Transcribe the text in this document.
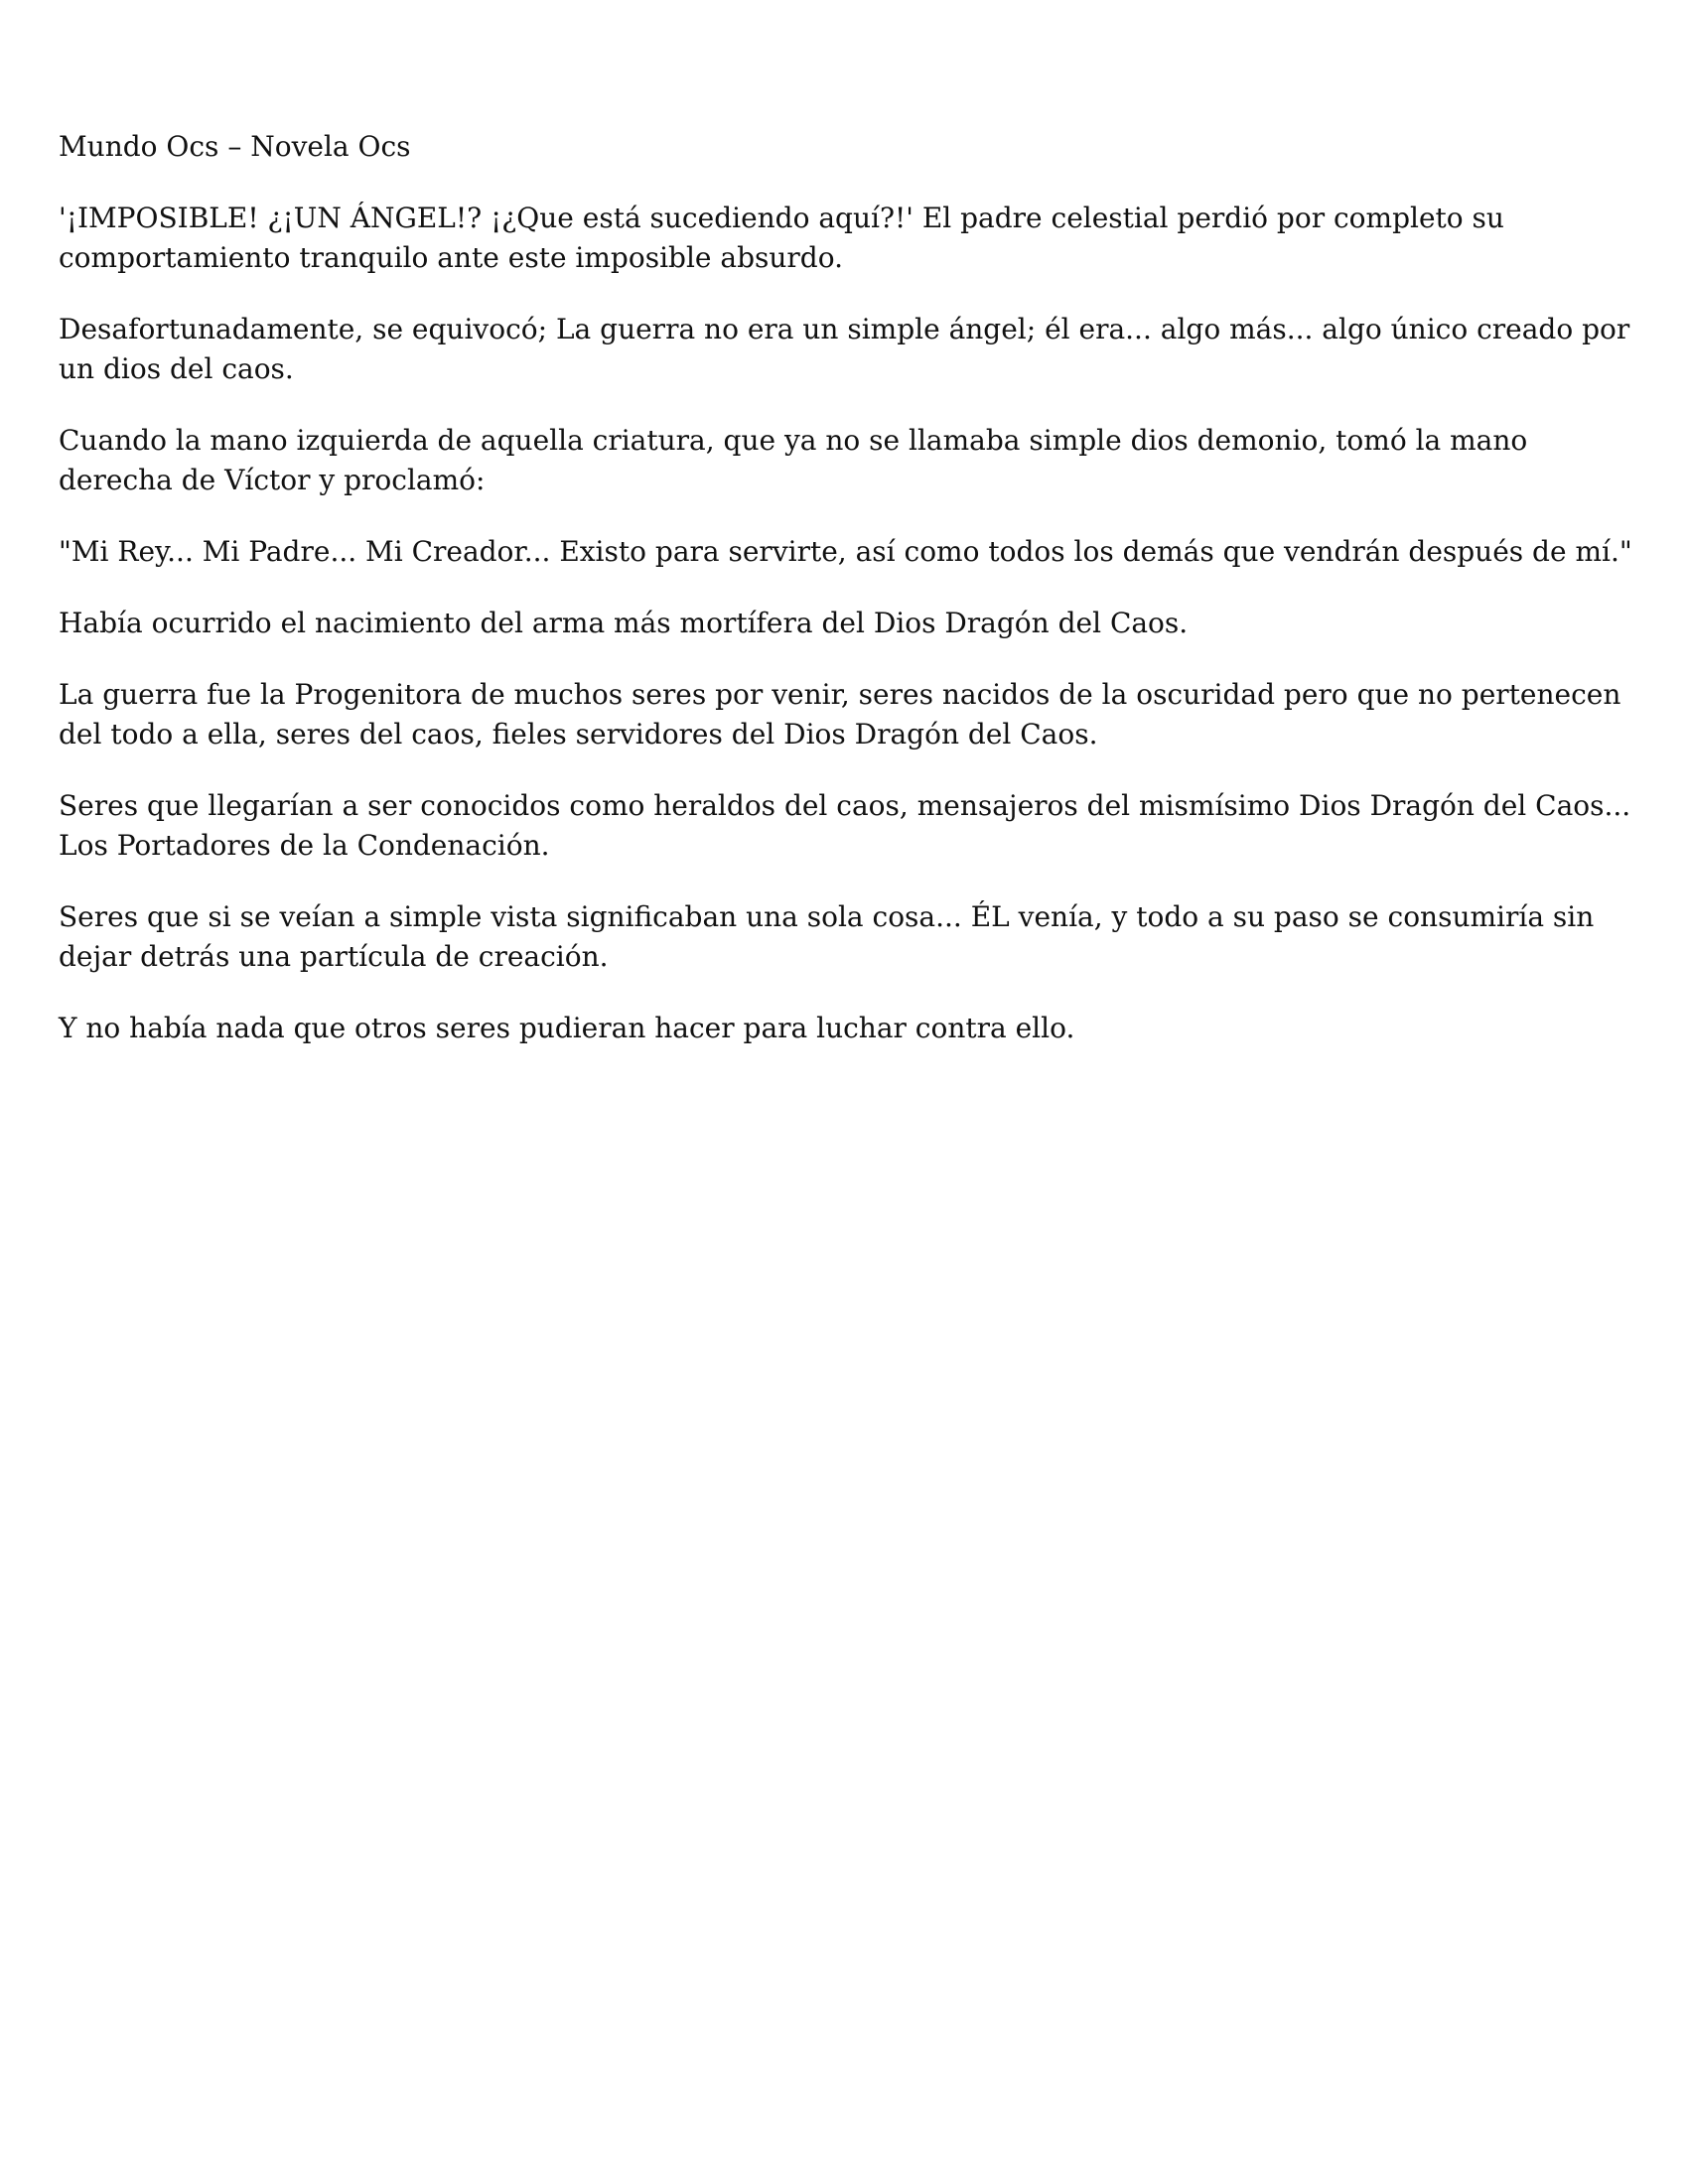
Mundo Ocs – Novela Ocs

'¡IMPOSIBLE! ¿¡UN ÁNGEL!? ¡¿Que está sucediendo aquí?!' El padre celestial perdió por completo su comportamiento tranquilo ante este imposible absurdo.

Desafortunadamente, se equivocó; La guerra no era un simple ángel; él era... algo más... algo único creado por un dios del caos.

Cuando la mano izquierda de aquella criatura, que ya no se llamaba simple dios demonio, tomó la mano derecha de Víctor y proclamó:

"Mi Rey... Mi Padre... Mi Creador... Existo para servirte, así como todos los demás que vendrán después de mí."

Había ocurrido el nacimiento del arma más mortífera del Dios Dragón del Caos.

La guerra fue la Progenitora de muchos seres por venir, seres nacidos de la oscuridad pero que no pertenecen del todo a ella, seres del caos, fieles servidores del Dios Dragón del Caos.

Seres que llegarían a ser conocidos como heraldos del caos, mensajeros del mismísimo Dios Dragón del Caos... Los Portadores de la Condenación.

Seres que si se veían a simple vista significaban una sola cosa... ÉL venía, y todo a su paso se consumiría sin dejar detrás una partícula de creación.

Y no había nada que otros seres pudieran hacer para luchar contra ello.
